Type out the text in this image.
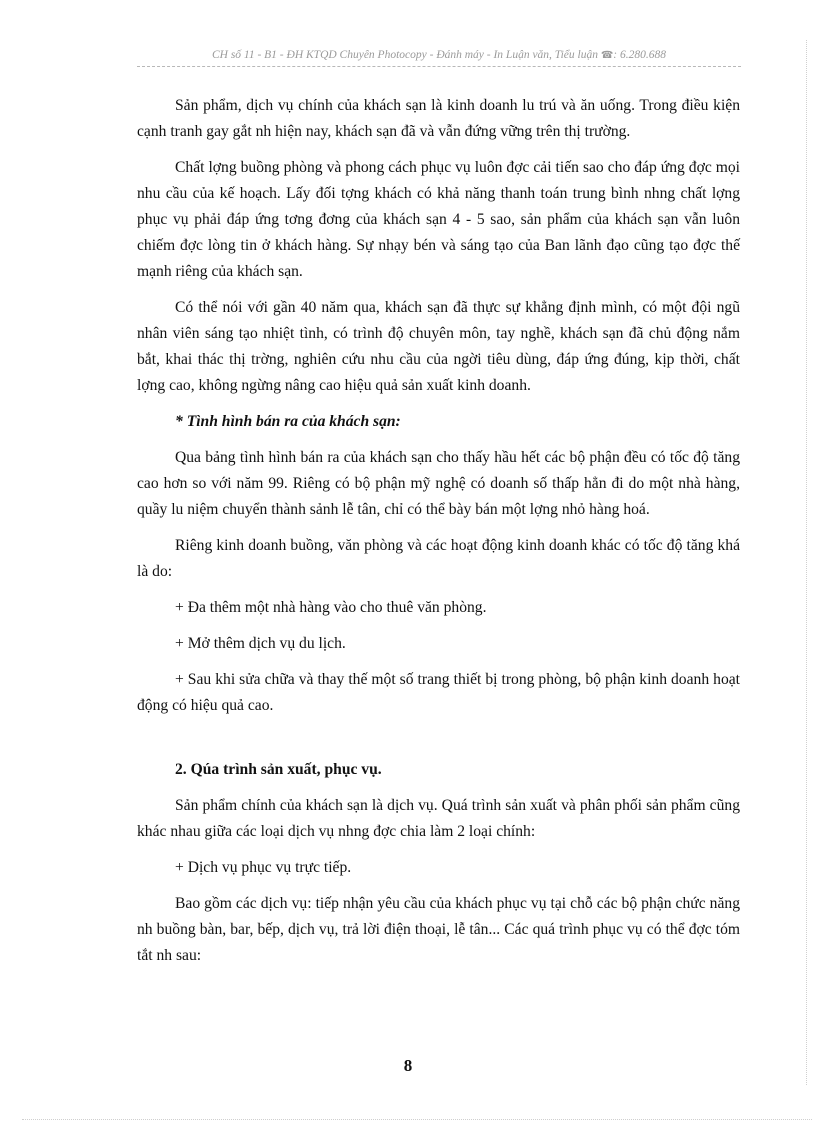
CH số 11 - B1 - ĐH KTQD Chuyên Photocopy - Đánh máy - In Luận văn, Tiểu luận ☎: 6.280.688

Sản phẩm, dịch vụ chính của khách sạn là kinh doanh lu trú và ăn uống. Trong điều kiện cạnh tranh gay gắt nh hiện nay, khách sạn đã và vẫn đứng vững trên thị trường.

Chất lợng buồng phòng và phong cách phục vụ luôn đợc cải tiến sao cho đáp ứng đợc mọi nhu cầu của kế hoạch. Lấy đối tợng khách có khả năng thanh toán trung bình nhng chất lợng phục vụ phải đáp ứng tơng đơng của khách sạn 4 - 5 sao, sản phẩm của khách sạn vẫn luôn chiếm đợc lòng tin ở khách hàng. Sự nhạy bén và sáng tạo của Ban lãnh đạo cũng tạo đợc thế mạnh riêng của khách sạn.

Có thể nói với gần 40 năm qua, khách sạn đã thực sự khẳng định mình, có một đội ngũ nhân viên sáng tạo nhiệt tình, có trình độ chuyên môn, tay nghề, khách sạn đã chủ động nắm bắt, khai thác thị trờng, nghiên cứu nhu cầu của ngời tiêu dùng, đáp ứng đúng, kịp thời, chất lợng cao, không ngừng nâng cao hiệu quả sản xuất kinh doanh.

* Tình hình bán ra của khách sạn:

Qua bảng tình hình bán ra của khách sạn cho thấy hầu hết các bộ phận đều có tốc độ tăng cao hơn so với năm 99. Riêng có bộ phận mỹ nghệ có doanh số thấp hẳn đi do một nhà hàng, quầy lu niệm chuyển thành sảnh lễ tân, chỉ có thể bày bán một lợng nhỏ hàng hoá.

Riêng kinh doanh buồng, văn phòng và các hoạt động kinh doanh khác có tốc độ tăng khá là do:

+ Đa thêm một nhà hàng vào cho thuê văn phòng.

+ Mở thêm dịch vụ du lịch.

+ Sau khi sửa chữa và thay thế một số trang thiết bị trong phòng, bộ phận kinh doanh hoạt động có hiệu quả cao.

2. Qúa trình sản xuất, phục vụ.

Sản phẩm chính của khách sạn là dịch vụ. Quá trình sản xuất và phân phối sản phẩm cũng khác nhau giữa các loại dịch vụ nhng đợc chia làm 2 loại chính:

+ Dịch vụ phục vụ trực tiếp.

Bao gồm các dịch vụ: tiếp nhận yêu cầu của khách phục vụ tại chỗ các bộ phận chức năng nh buồng bàn, bar, bếp, dịch vụ, trả lời điện thoại, lễ tân... Các quá trình phục vụ có thể đợc tóm tắt nh sau:

8
